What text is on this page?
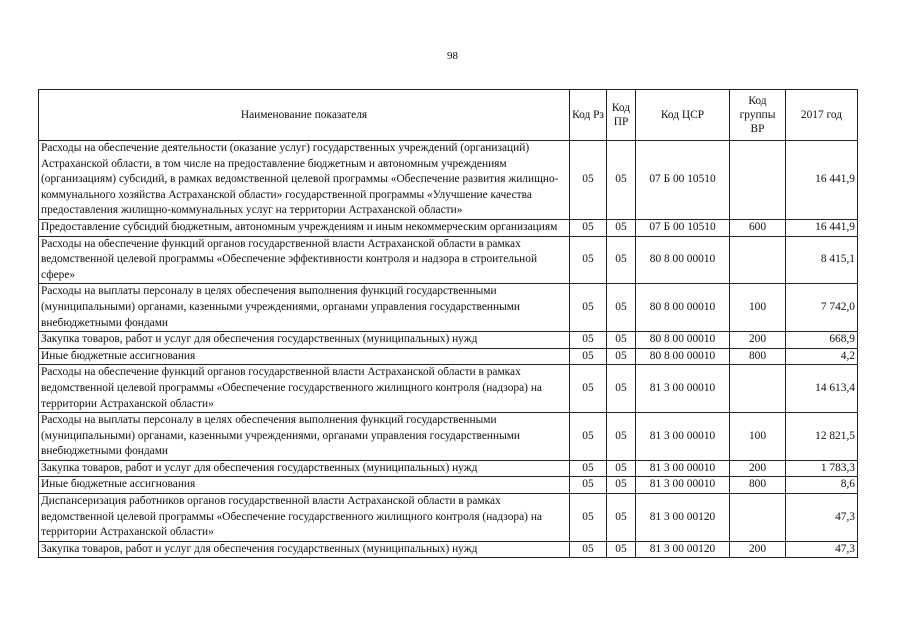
98
Наименование показателя	Код Рз	Код ПР	Код ЦСР	Код группы ВР	2017 год
Расходы на обеспечение деятельности (оказание услуг) государственных учреждений (организаций) Астраханской области, в том числе на предоставление бюджетным и автономным учреждениям (организациям) субсидий, в рамках ведомственной целевой программы «Обеспечение развития жилищно-коммунального хозяйства Астраханской области» государственной программы «Улучшение качества предоставления жилищно-коммунальных услуг на территории Астраханской области»	05	05	07 Б 00 10510		16 441,9
Предоставление субсидий бюджетным, автономным учреждениям и иным некоммерческим организациям	05	05	07 Б 00 10510	600	16 441,9
Расходы на обеспечение функций органов государственной власти Астраханской области в рамках ведомственной целевой программы «Обеспечение эффективности контроля и надзора в строительной сфере»	05	05	80 8 00 00010		8 415,1
Расходы на выплаты персоналу в целях обеспечения выполнения функций государственными (муниципальными) органами, казенными учреждениями, органами управления государственными внебюджетными фондами	05	05	80 8 00 00010	100	7 742,0
Закупка товаров, работ и услуг для обеспечения государственных (муниципальных) нужд	05	05	80 8 00 00010	200	668,9
Иные бюджетные ассигнования	05	05	80 8 00 00010	800	4,2
Расходы на обеспечение функций органов государственной власти Астраханской области в рамках ведомственной целевой программы «Обеспечение государственного жилищного контроля (надзора) на территории Астраханской области»	05	05	81 3 00 00010		14 613,4
Расходы на выплаты персоналу в целях обеспечения выполнения функций государственными (муниципальными) органами, казенными учреждениями, органами управления государственными внебюджетными фондами	05	05	81 3 00 00010	100	12 821,5
Закупка товаров, работ и услуг для обеспечения государственных (муниципальных) нужд	05	05	81 3 00 00010	200	1 783,3
Иные бюджетные ассигнования	05	05	81 3 00 00010	800	8,6
Диспансеризация работников органов государственной власти Астраханской области в рамках ведомственной целевой программы «Обеспечение государственного жилищного контроля (надзора) на территории Астраханской области»	05	05	81 3 00 00120		47,3
Закупка товаров, работ и услуг для обеспечения государственных (муниципальных) нужд	05	05	81 3 00 00120	200	47,3
